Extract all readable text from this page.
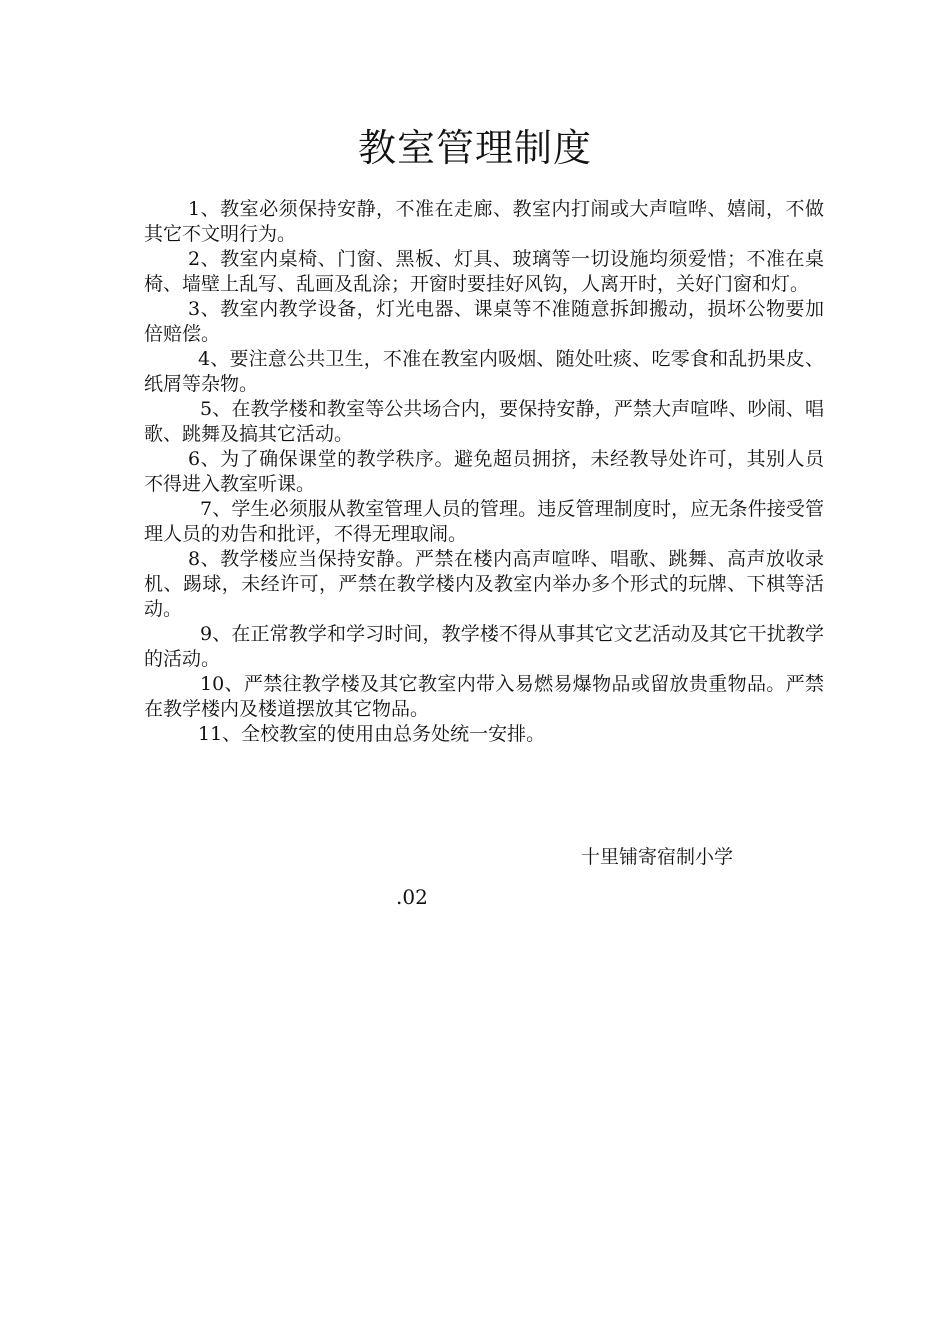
教室管理制度

1、教室必须保持安静，不准在走廊、教室内打闹或大声喧哗、嬉闹，不做其它不文明行为。

2、教室内桌椅、门窗、黑板、灯具、玻璃等一切设施均须爱惜；不准在桌椅、墙壁上乱写、乱画及乱涂；开窗时要挂好风钩，人离开时，关好门窗和灯。

3、教室内教学设备，灯光电器、课桌等不准随意拆卸搬动，损坏公物要加倍赔偿。

4、要注意公共卫生，不准在教室内吸烟、随处吐痰、吃零食和乱扔果皮、纸屑等杂物。

5、在教学楼和教室等公共场合内，要保持安静，严禁大声喧哗、吵闹、唱歌、跳舞及搞其它活动。

6、为了确保课堂的教学秩序。避免超员拥挤，未经教导处许可，其别人员不得进入教室听课。

7、学生必须服从教室管理人员的管理。违反管理制度时，应无条件接受管理人员的劝告和批评，不得无理取闹。

8、教学楼应当保持安静。严禁在楼内高声喧哗、唱歌、跳舞、高声放收录机、踢球，未经许可，严禁在教学楼内及教室内举办多个形式的玩牌、下棋等活动。

9、在正常教学和学习时间，教学楼不得从事其它文艺活动及其它干扰教学的活动。

10、严禁往教学楼及其它教室内带入易燃易爆物品或留放贵重物品。严禁在教学楼内及楼道摆放其它物品。

11、全校教室的使用由总务处统一安排。

十里铺寄宿制小学
.02
